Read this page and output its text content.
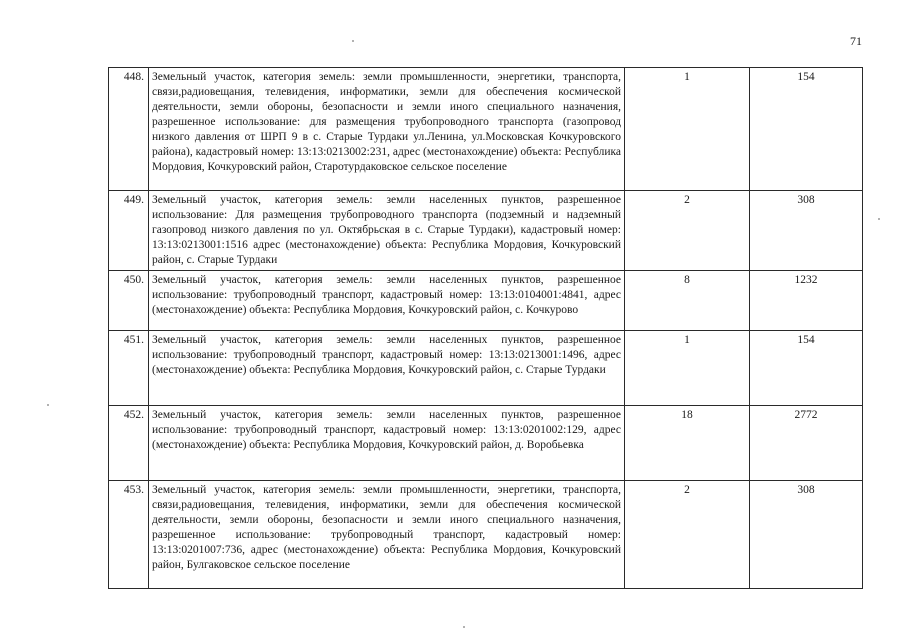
71
448.	Земельный участок, категория земель: земли промышленности, энергетики, транспорта, связи,радиовещания, телевидения, информатики, земли для обеспечения космической деятельности, земли обороны, безопасности и земли иного специального назначения, разрешенное использование: для размещения трубопроводного транспорта (газопровод низкого давления от ШРП 9 в с. Старые Турдаки ул.Ленина, ул.Московская Кочкуровского района), кадастровый номер: 13:13:0213002:231, адрес (местонахождение) объекта: Республика Мордовия, Кочкуровский район, Старотурдаковское сельское поселение	1	154
449.	Земельный участок, категория земель: земли населенных пунктов, разрешенное использование: Для размещения трубопроводного транспорта (подземный и надземный газопровод низкого давления по ул. Октябрьская в с. Старые Турдаки), кадастровый номер: 13:13:0213001:1516 адрес (местонахождение) объекта: Республика Мордовия, Кочкуровский район, с. Старые Турдаки	2	308
450.	Земельный участок, категория земель: земли населенных пунктов, разрешенное использование: трубопроводный транспорт, кадастровый номер: 13:13:0104001:4841, адрес (местонахождение) объекта: Республика Мордовия, Кочкуровский район, с. Кочкурово	8	1232
451.	Земельный участок, категория земель: земли населенных пунктов, разрешенное использование: трубопроводный транспорт, кадастровый номер: 13:13:0213001:1496, адрес (местонахождение) объекта: Республика Мордовия, Кочкуровский район, с. Старые Турдаки	1	154
452.	Земельный участок, категория земель: земли населенных пунктов, разрешенное использование: трубопроводный транспорт, кадастровый номер: 13:13:0201002:129, адрес (местонахождение) объекта: Республика Мордовия, Кочкуровский район, д. Воробьевка	18	2772
453.	Земельный участок, категория земель: земли промышленности, энергетики, транспорта, связи,радиовещания, телевидения, информатики, земли для обеспечения космической деятельности, земли обороны, безопасности и земли иного специального назначения, разрешенное использование: трубопроводный транспорт, кадастровый номер: 13:13:0201007:736, адрес (местонахождение) объекта: Республика Мордовия, Кочкуровский район, Булгаковское сельское поселение	2	308
